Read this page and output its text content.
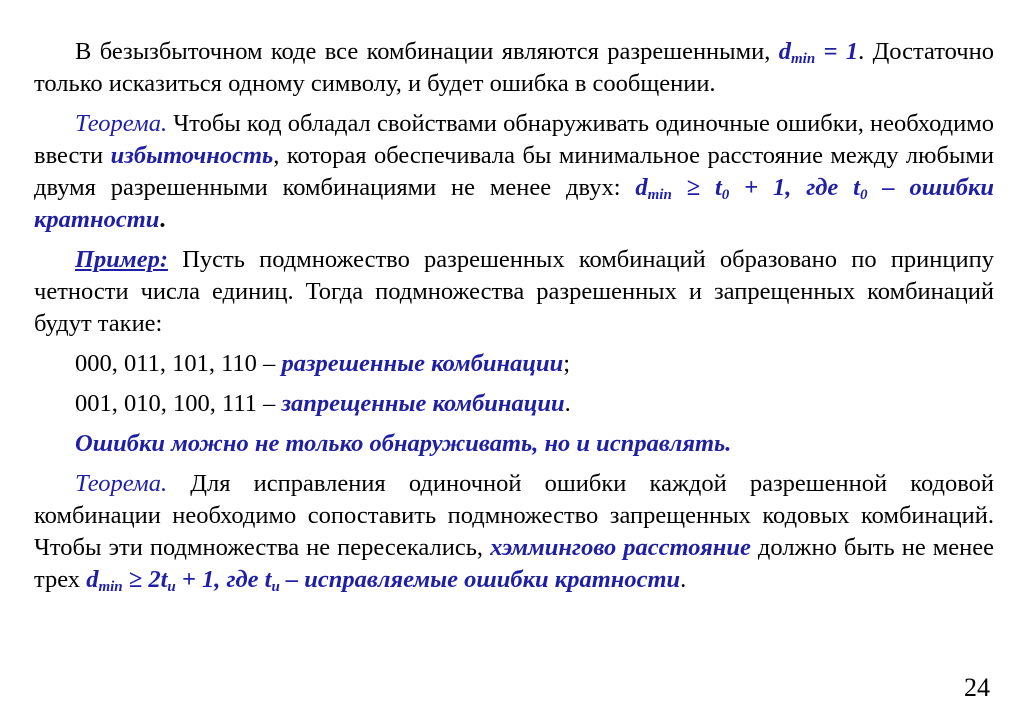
В безызбыточном коде все комбинации являются разрешенными, $d_{min} = 1$. Достаточно только исказиться одному символу, и будет ошибка в сообщении.

Теорема. Чтобы код обладал свойствами обнаруживать одиночные ошибки, необходимо ввести избыточность, которая обеспечивала бы минимальное расстояние между любыми двумя разрешенными комбинациями не менее двух: $d_{min} \ge t_0 + 1$, где $t_0$ – ошибки кратности.

Пример: Пусть подмножество разрешенных комбинаций образовано по принципу четности числа единиц. Тогда подмножества разрешенных и запрещенных комбинаций будут такие:

000, 011, 101, 110 – разрешенные комбинации;
001, 010, 100, 111 – запрещенные комбинации.
Ошибки можно не только обнаруживать, но и исправлять.

Теорема. Для исправления одиночной ошибки каждой разрешенной кодовой комбинации необходимо сопоставить подмножество запрещенных кодовых комбинаций. Чтобы эти подмножества не пересекались, хэммингово расстояние должно быть не менее трех $d_{min} \ge 2t_и + 1$, где $t_и$ – исправляемые ошибки кратности.

24
